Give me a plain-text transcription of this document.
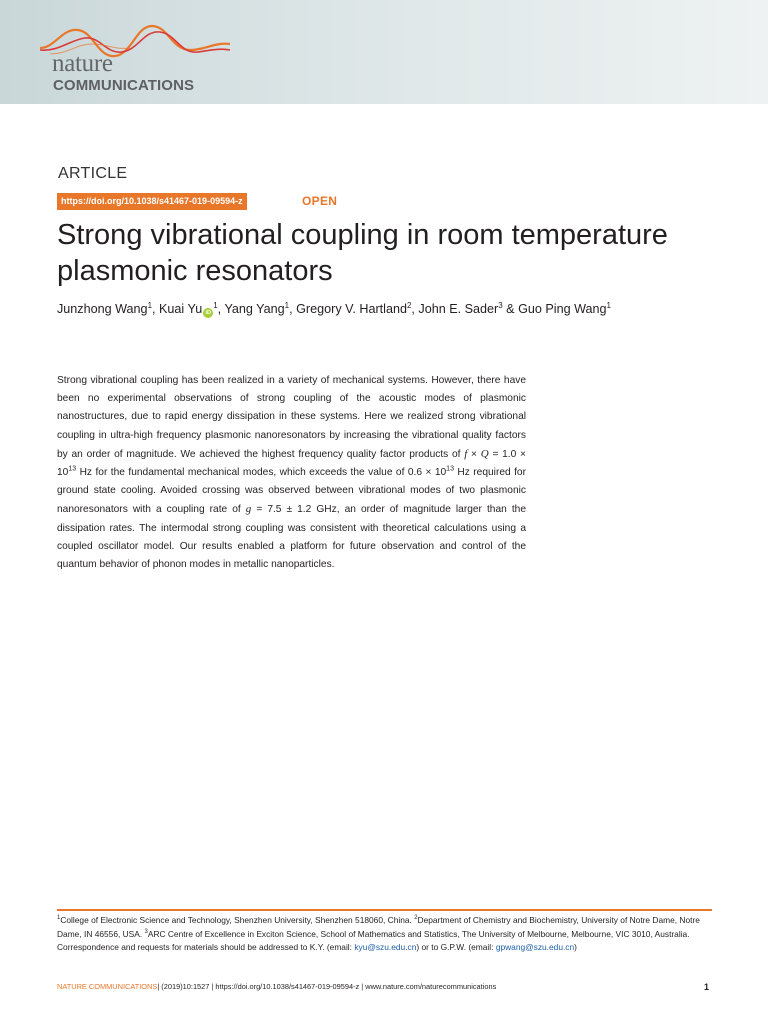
nature
COMMUNICATIONS
ARTICLE
https://doi.org/10.1038/s41467-019-09594-z	OPEN
Strong vibrational coupling in room temperature plasmonic resonators
Junzhong Wang$^1$, Kuai Yu $iD^1$, Yang Yang$^1$, Gregory V. Hartland$^2$, John E. Sader$^3$ & Guo Ping Wang$^1$

Strong vibrational coupling has been realized in a variety of mechanical systems. However, there have been no experimental observations of strong coupling of the acoustic modes of plasmonic nanostructures, due to rapid energy dissipation in these systems. Here we realized strong vibrational coupling in ultra-high frequency plasmonic nanoresonators by increasing the vibrational quality factors by an order of magnitude. We achieved the highest frequency quality factor products of $f \times Q = 1.0 \times 10^{13}$ Hz for the fundamental mechanical modes, which exceeds the value of $0.6 \times 10^{13}$ Hz required for ground state cooling. Avoided crossing was observed between vibrational modes of two plasmonic nanoresonators with a coupling rate of g = 7.5 ± 1.2 GHz, an order of magnitude larger than the dissipation rates. The intermodal strong coupling was consistent with theoretical calculations using a coupled oscillator model. Our results enabled a platform for future observation and control of the quantum behavior of phonon modes in metallic nanoparticles.

$^1$College of Electronic Science and Technology, Shenzhen University, Shenzhen 518060, China. $^2$Department of Chemistry and Biochemistry, University of Notre Dame, Notre Dame, IN 46556, USA. $^3$ARC Centre of Excellence in Exciton Science, School of Mathematics and Statistics, The University of Melbourne, Melbourne, VIC 3010, Australia. Correspondence and requests for materials should be addressed to K.Y. (email: kyu@szu.edu.cn) or to G.P.W. (email: gpwang@szu.edu.cn)

NATURE COMMUNICATIONS| (2019)10:1527 | https://doi.org/10.1038/s41467-019-09594-z | www.nature.com/naturecommunications	1
